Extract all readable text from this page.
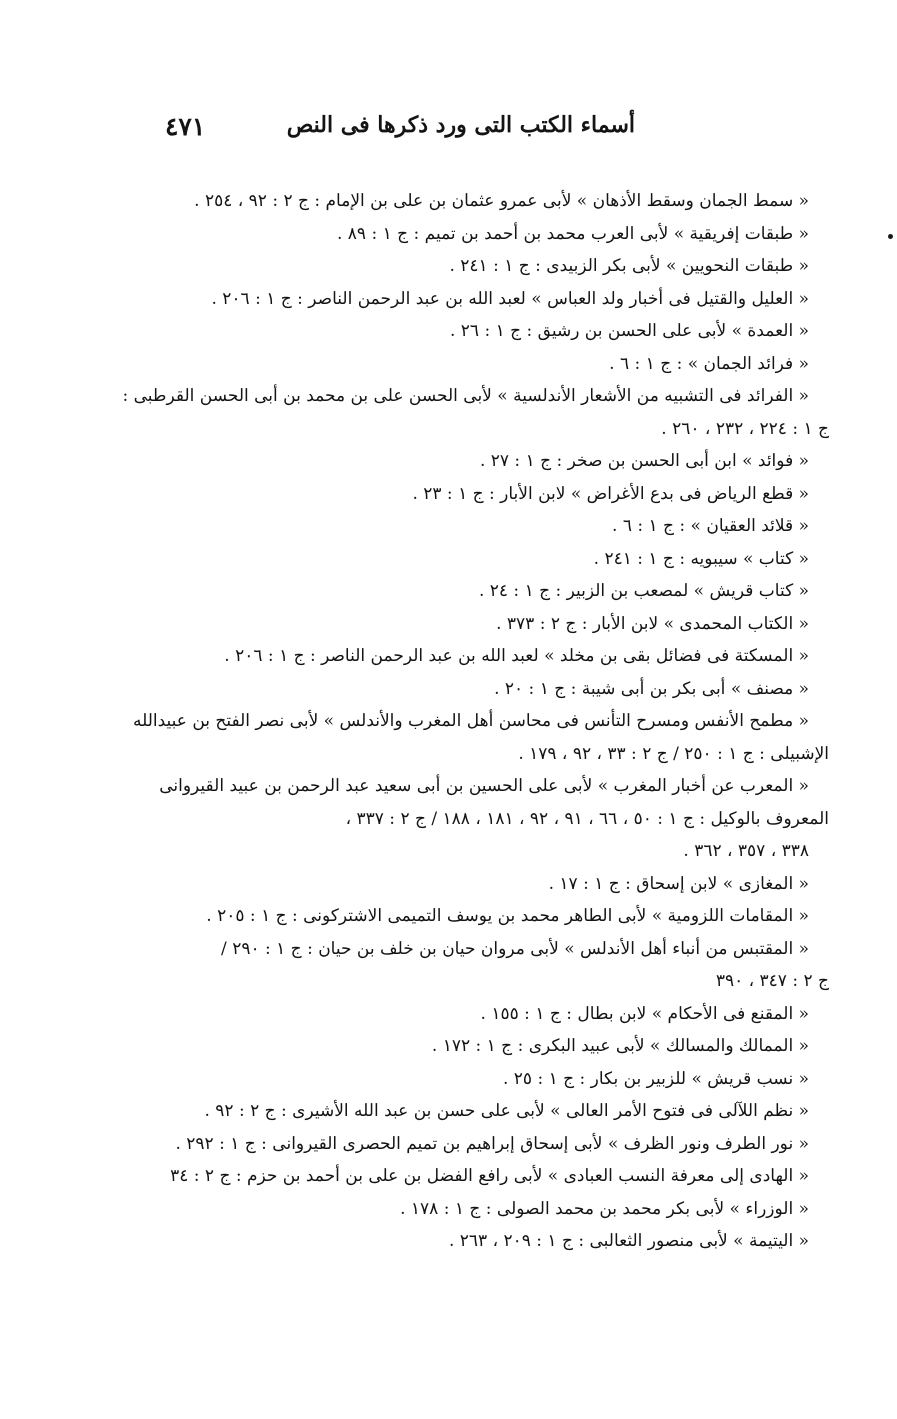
٤٧١	أسماء الكتب التى ورد ذكرها فى النص
« سمط الجمان وسقط الأذهان » لأبى عمرو عثمان بن على بن الإمام : ج ٢ : ٩٢ ، ٢٥٤ .
« طبقات إفريقية » لأبى العرب محمد بن أحمد بن تميم : ج ١ : ٨٩ .
« طبقات النحويين » لأبى بكر الزبيدى : ج ١ : ٢٤١ .
« العليل والقتيل فى أخبار ولد العباس » لعبد الله بن عبد الرحمن الناصر : ج ١ : ٢٠٦ .
« العمدة » لأبى على الحسن بن رشيق : ج ١ : ٢٦ .
« فرائد الجمان » : ج ١ : ٦ .
« الفرائد فى التشبيه من الأشعار الأندلسية » لأبى الحسن على بن محمد بن أبى الحسن القرطبى :
ج ١ : ٢٢٤ ، ٢٣٢ ، ٢٦٠ .
« فوائد » ابن أبى الحسن بن صخر : ج ١ : ٢٧ .
« قطع الرياض فى بدع الأغراض » لابن الأبار : ج ١ : ٢٣ .
« قلائد العقيان » : ج ١ : ٦ .
« كتاب » سيبويه : ج ١ : ٢٤١ .
« كتاب قريش » لمصعب بن الزبير : ج ١ : ٢٤ .
« الكتاب المحمدى » لابن الأبار : ج ٢ : ٣٧٣ .
« المسكتة فى فضائل بقى بن مخلد » لعبد الله بن عبد الرحمن الناصر : ج ١ : ٢٠٦ .
« مصنف » أبى بكر بن أبى شيبة : ج ١ : ٢٠ .
« مطمح الأنفس ومسرح التأنس فى محاسن أهل المغرب والأندلس » لأبى نصر الفتح بن عبيدالله
الإشبيلى : ج ١ : ٢٥٠ / ج ٢ : ٣٣ ، ٩٢ ، ١٧٩ .
« المعرب عن أخبار المغرب » لأبى على الحسين بن أبى سعيد عبد الرحمن بن عبيد القيروانى
المعروف بالوكيل : ج ١ : ٥٠ ، ٦٦ ، ٩١ ، ٩٢ ، ١٨١ ، ١٨٨ / ج ٢ : ٣٣٧ ،
٣٣٨ ، ٣٥٧ ، ٣٦٢ .
« المغازى » لابن إسحاق : ج ١ : ١٧ .
« المقامات اللزومية » لأبى الطاهر محمد بن يوسف التميمى الاشتركونى : ج ١ : ٢٠٥ .
« المقتبس من أنباء أهل الأندلس » لأبى مروان حيان بن خلف بن حيان : ج ١ : ٢٩٠ /
ج ٢ : ٣٤٧ ، ٣٩٠
« المقنع فى الأحكام » لابن بطال : ج ١ : ١٥٥ .
« الممالك والمسالك » لأبى عبيد البكرى : ج ١ : ١٧٢ .
« نسب قريش » للزبير بن بكار : ج ١ : ٢٥ .
« نظم اللآلى فى فتوح الأمر العالى » لأبى على حسن بن عبد الله الأشيرى : ج ٢ : ٩٢ .
« نور الطرف ونور الظرف » لأبى إسحاق إبراهيم بن تميم الحصرى القيروانى : ج ١ : ٢٩٢ .
« الهادى إلى معرفة النسب العبادى » لأبى رافع الفضل بن على بن أحمد بن حزم : ج ٢ : ٣٤
« الوزراء » لأبى بكر محمد بن محمد الصولى : ج ١ : ١٧٨ .
« اليتيمة » لأبى منصور الثعالبى : ج ١ : ٢٠٩ ، ٢٦٣ .
